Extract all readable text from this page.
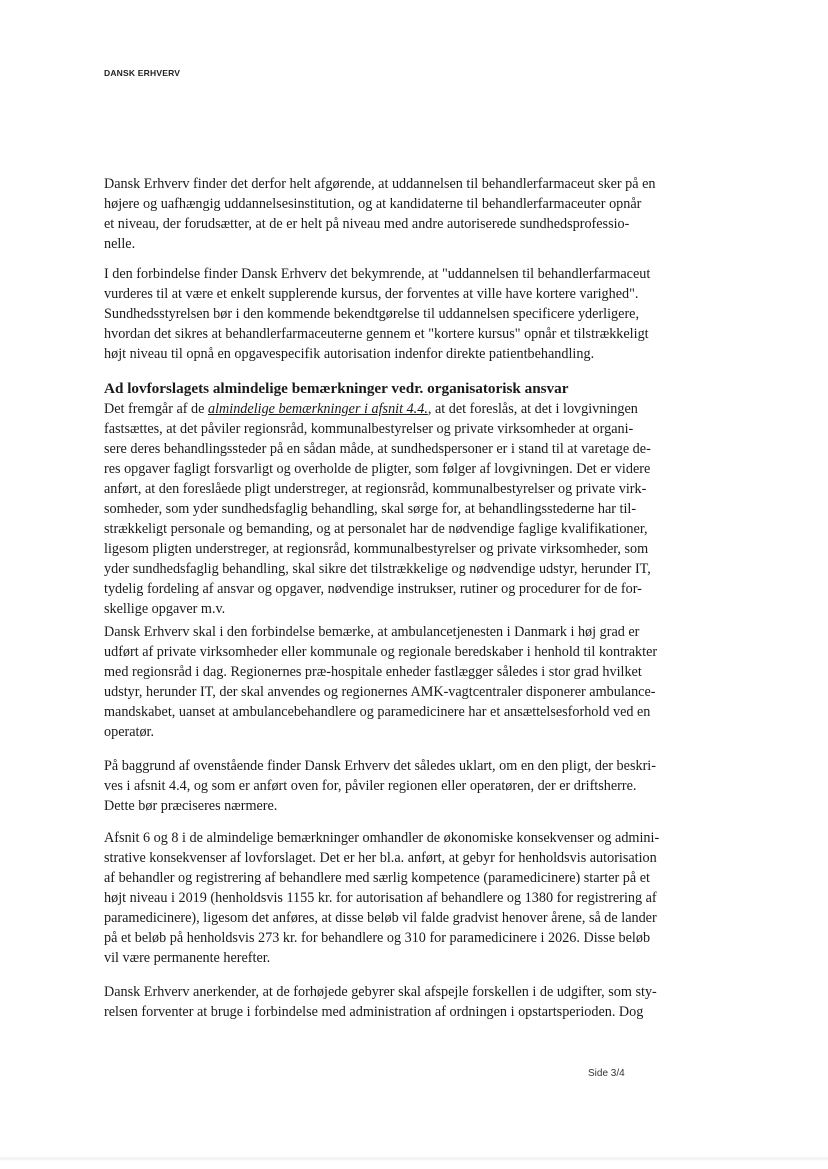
DANSK ERHVERV
Dansk Erhverv finder det derfor helt afgørende, at uddannelsen til behandlerfarmaceut sker på en
højere og uafhængig uddannelsesinstitution, og at kandidaterne til behandlerfarmaceuter opnår
et niveau, der forudsætter, at de er helt på niveau med andre autoriserede sundhedsprofessio-
nelle.
I den forbindelse finder Dansk Erhverv det bekymrende, at "uddannelsen til behandlerfarmaceut
vurderes til at være et enkelt supplerende kursus, der forventes at ville have kortere varighed".
Sundhedsstyrelsen bør i den kommende bekendtgørelse til uddannelsen specificere yderligere,
hvordan det sikres at behandlerfarmaceuterne gennem et "kortere kursus" opnår et tilstrækkeligt
højt niveau til opnå en opgavespecifik autorisation indenfor direkte patientbehandling.
Ad lovforslagets almindelige bemærkninger vedr. organisatorisk ansvar
Det fremgår af de almindelige bemærkninger i afsnit 4.4., at det foreslås, at det i lovgivningen
fastsættes, at det påviler regionsråd, kommunalbestyrelser og private virksomheder at organi-
sere deres behandlingssteder på en sådan måde, at sundhedspersoner er i stand til at varetage de-
res opgaver fagligt forsvarligt og overholde de pligter, som følger af lovgivningen. Det er videre
anført, at den foreslåede pligt understreger, at regionsråd, kommunalbestyrelser og private virk-
somheder, som yder sundhedsfaglig behandling, skal sørge for, at behandlingsstederne har til-
strækkeligt personale og bemanding, og at personalet har de nødvendige faglige kvalifikationer,
ligesom pligten understreger, at regionsråd, kommunalbestyrelser og private virksomheder, som
yder sundhedsfaglig behandling, skal sikre det tilstrækkelige og nødvendige udstyr, herunder IT,
tydelig fordeling af ansvar og opgaver, nødvendige instrukser, rutiner og procedurer for de for-
skellige opgaver m.v.
Dansk Erhverv skal i den forbindelse bemærke, at ambulancetjenesten i Danmark i høj grad er
udført af private virksomheder eller kommunale og regionale beredskaber i henhold til kontrakter
med regionsråd i dag. Regionernes præ-hospitale enheder fastlægger således i stor grad hvilket
udstyr, herunder IT, der skal anvendes og regionernes AMK-vagtcentraler disponerer ambulance-
mandskabet, uanset at ambulancebehandlere og paramedicinere har et ansættelsesforhold ved en
operatør.
På baggrund af ovenstående finder Dansk Erhverv det således uklart, om en den pligt, der beskri-
ves i afsnit 4.4, og som er anført oven for, påviler regionen eller operatøren, der er driftsherre.
Dette bør præciseres nærmere.
Afsnit 6 og 8 i de almindelige bemærkninger omhandler de økonomiske konsekvenser og admini-
strative konsekvenser af lovforslaget. Det er her bl.a. anført, at gebyr for henholdsvis autorisation
af behandler og registrering af behandlere med særlig kompetence (paramedicinere) starter på et
højt niveau i 2019 (henholdsvis 1155 kr. for autorisation af behandlere og 1380 for registrering af
paramedicinere), ligesom det anføres, at disse beløb vil falde gradvist henover årene, så de lander
på et beløb på henholdsvis 273 kr. for behandlere og 310 for paramedicinere i 2026. Disse beløb
vil være permanente herefter.
Dansk Erhverv anerkender, at de forhøjede gebyrer skal afspejle forskellen i de udgifter, som sty-
relsen forventer at bruge i forbindelse med administration af ordningen i opstartsperioden. Dog
Side 3/4
